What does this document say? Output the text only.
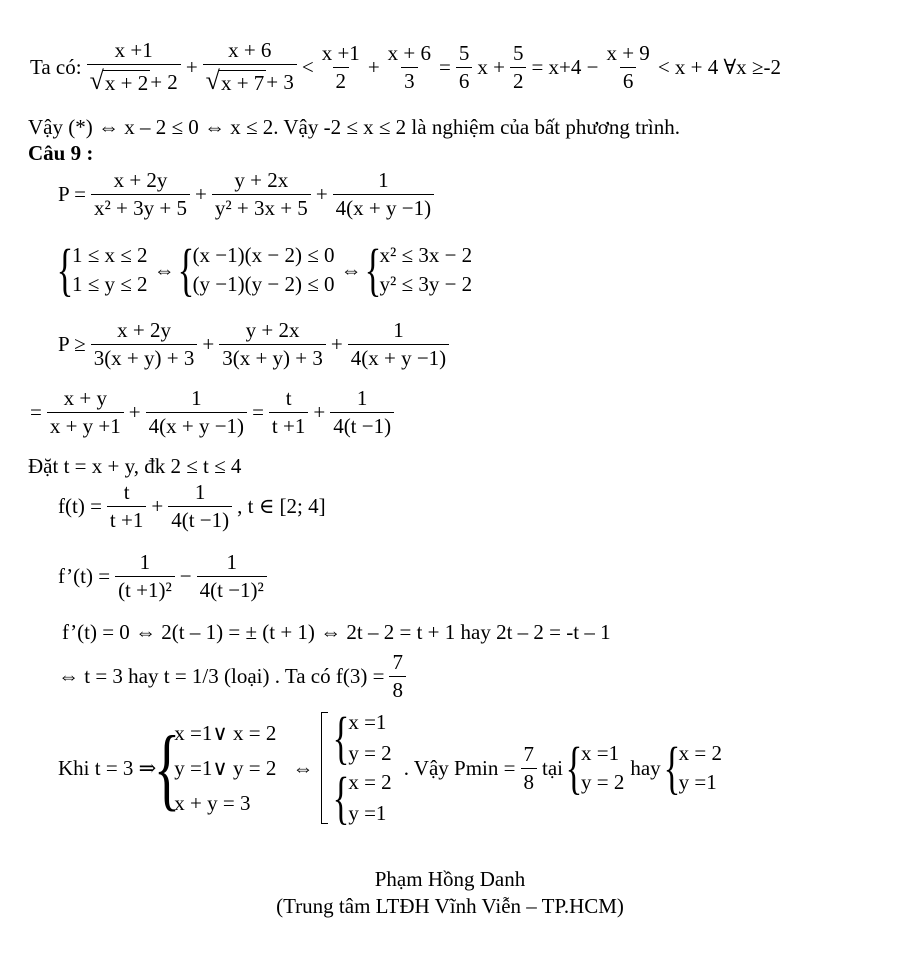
Ta có: $\frac{x +1}{√ x + 2 + 2} + \frac{x + 6}{√ x + 7 + 3} < \frac{x +1}{2} + \frac{x + 6}{3} = \frac{5}{6}$ $x + \frac{5}{2} = x+4 - \frac{x + 9}{6} < x + 4$ ∀x ≥-2
Vậy (*) ⇔ x – 2 ≤ 0 ⇔ x ≤ 2. Vậy -2 ≤ x ≤ 2 là nghiệm của bất phương trình.
Câu 9 :
$P = \frac{x + 2y}{\text{x² + 3y + 5}} + \frac{y + 2x}{\text{y² + 3x + 5}} + \frac{1}{4(x + y -1)}$
{
1 ≤ x ≤ 2
1 ≤ y ≤ 2
⇔ {
(x −1)(x − 2) ≤ 0
(y −1)(y − 2) ≤ 0
⇔ {
x² ≤ 3x − 2
y² ≤ 3y − 2
$P \ge \frac{x + 2y}{3(x + y) + 3} + \frac{y + 2x}{3(x + y) + 3} + \frac{1}{4(x + y -1)}$
= $\frac{x + y}{x + y +1} + \frac{1}{4(x + y -1)} = \frac{t}{t +1} + \frac{1}{4(t -1)}$
Đặt t = x + y, đk 2 ≤ t ≤ 4
$f(t) = \frac{t}{t +1} + \frac{1}{4(t -1)}$ , t ∈ [2; 4]
f’(t) = $\frac{1}{\text{(t +1)²}} - \frac{1}{\text{4(t −1)²}}$
f’(t) = 0 ⇔ 2(t – 1) = ± (t + 1) ⇔ 2t – 2 = t + 1 hay 2t – 2 = -t – 1
⇔ t = 3 hay t = 1/3 (loại) . Ta có $f(3) = \frac{7}{8}$
Khi t = 3 ⇒
{
x =1∨ x = 2
y =1∨ y = 2
x + y = 3
⇔ {
x =1
y = 2
{
x = 2
y =1
. Vậy $Pmin = \frac{7}{8}$ tại {
x =1
y = 2
hay {
x = 2
y =1
Phạm Hồng Danh
(Trung tâm LTĐH Vĩnh Viễn – TP.HCM)
